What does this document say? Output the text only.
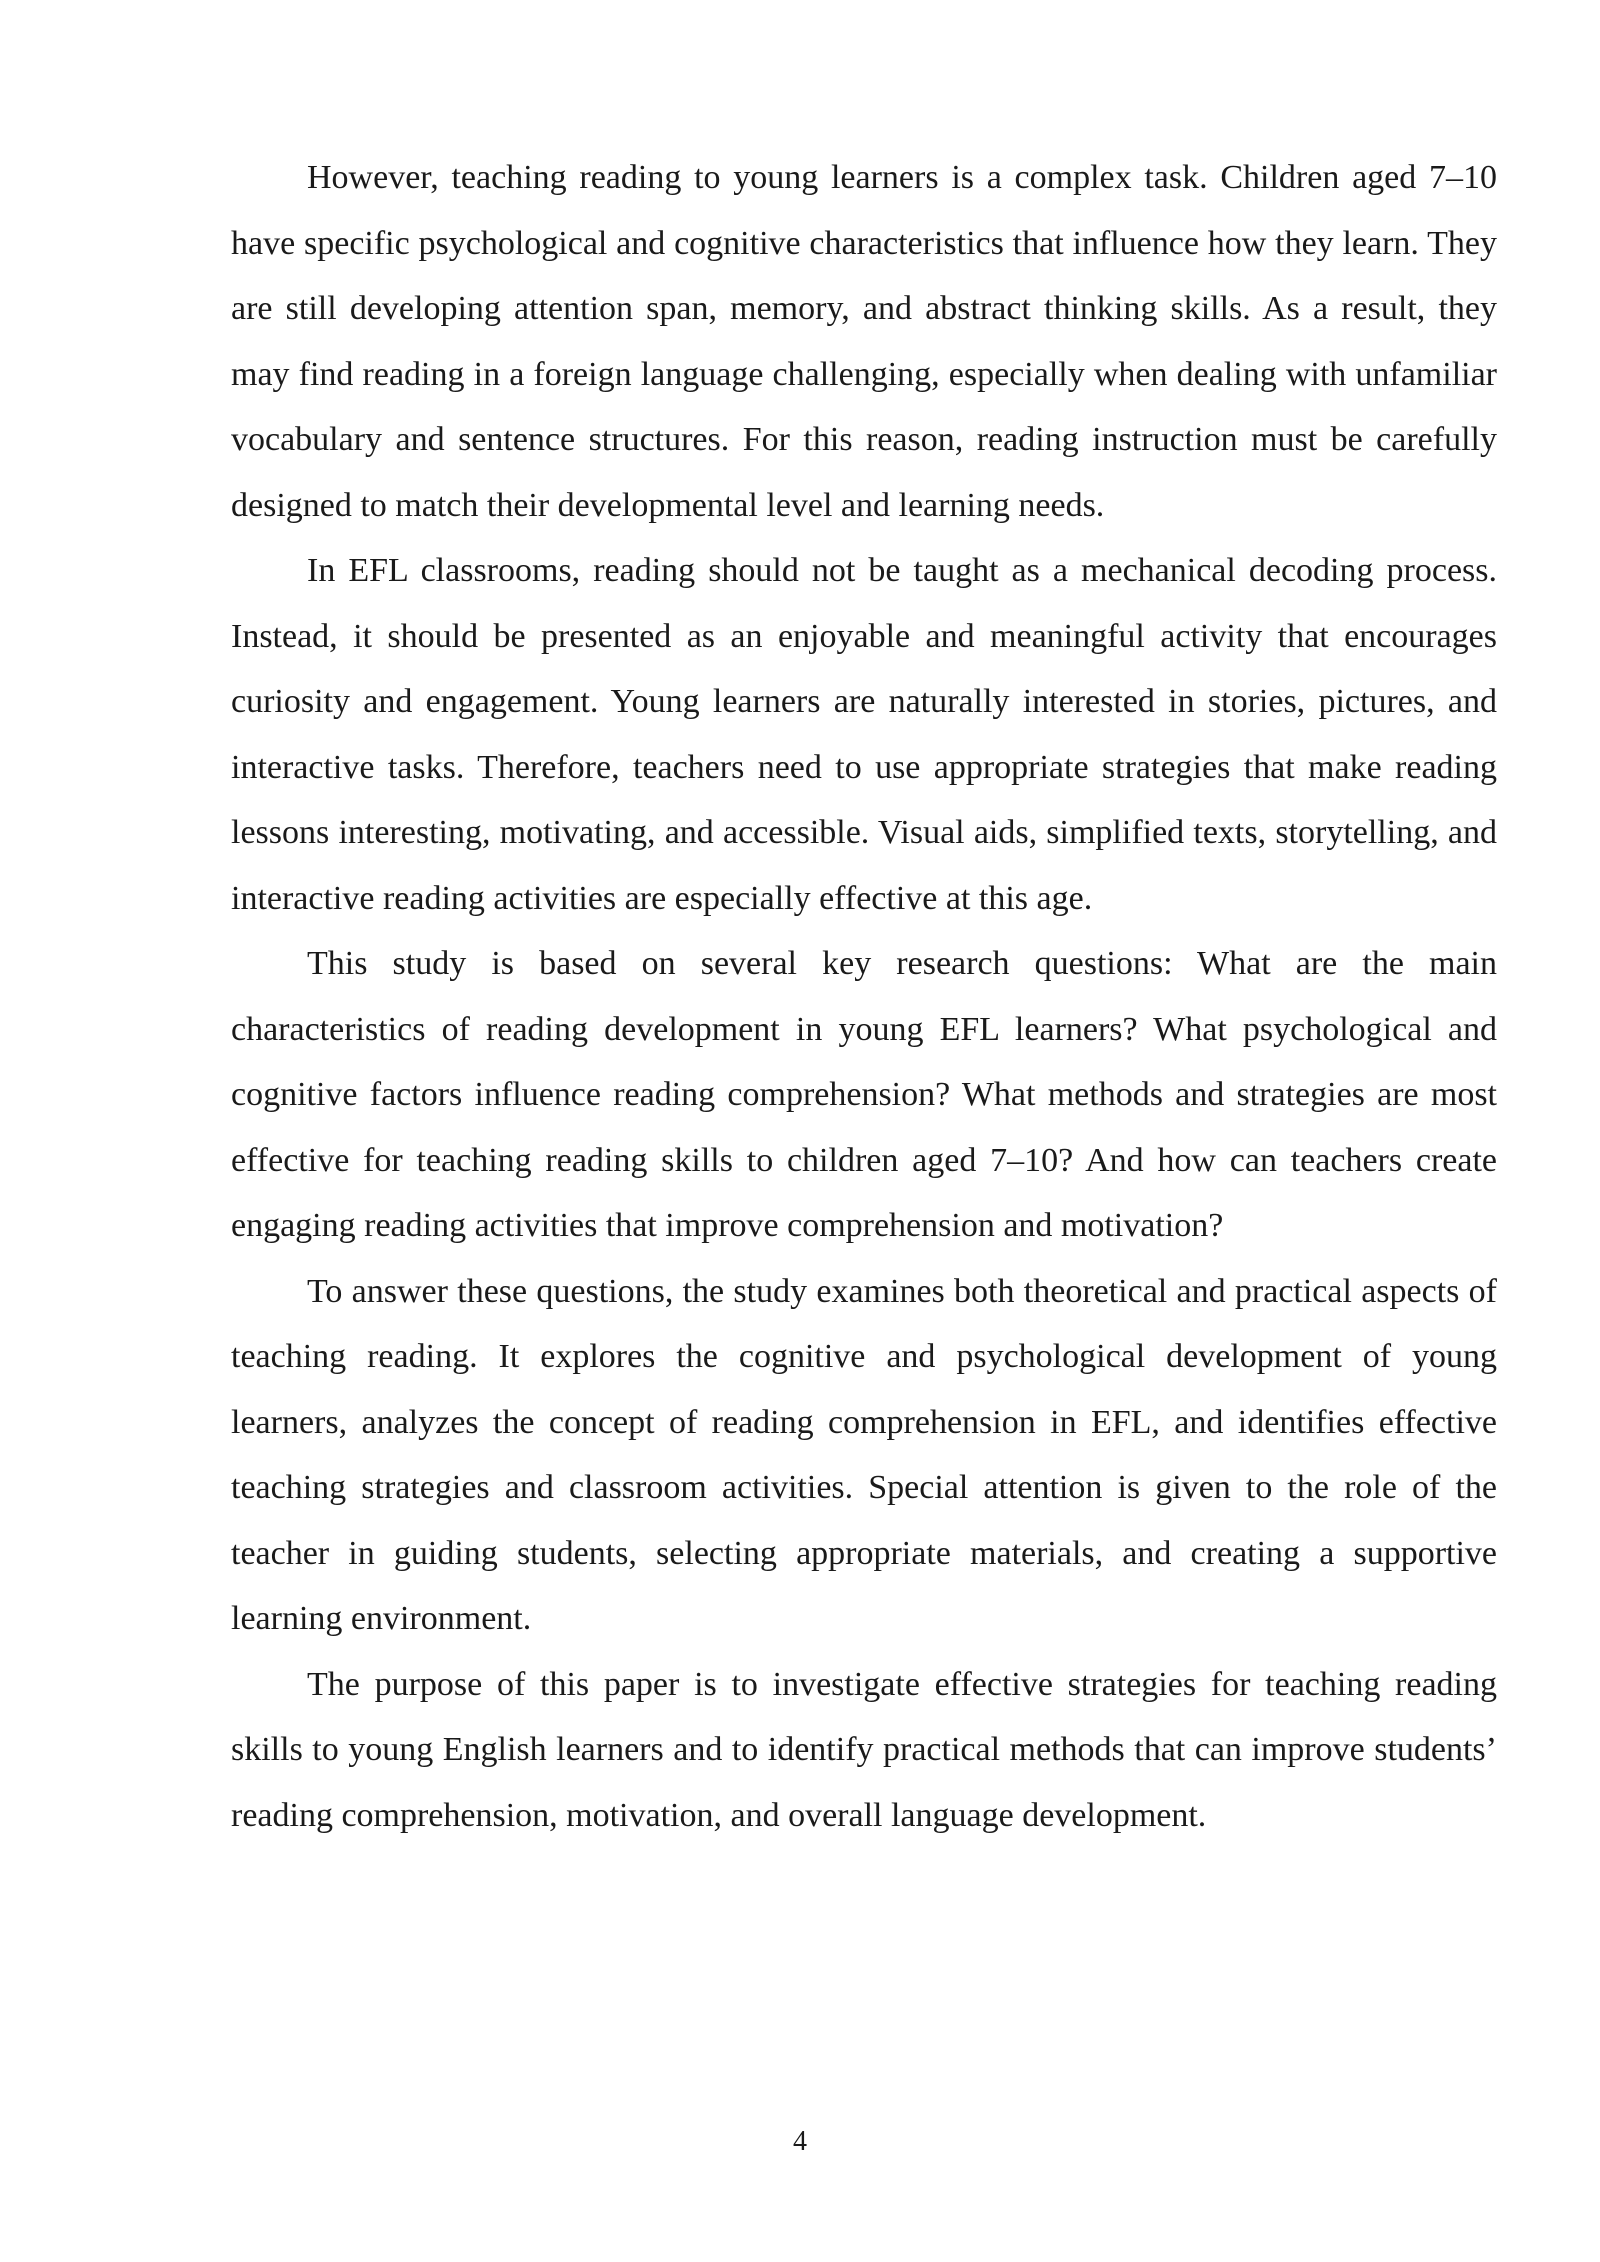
However, teaching reading to young learners is a complex task. Children aged 7–10 have specific psychological and cognitive characteristics that influence how they learn. They are still developing attention span, memory, and abstract thinking skills. As a result, they may find reading in a foreign language challenging, especially when dealing with unfamiliar vocabulary and sentence structures. For this reason, reading instruction must be carefully designed to match their developmental level and learning needs.

In EFL classrooms, reading should not be taught as a mechanical decoding process. Instead, it should be presented as an enjoyable and meaningful activity that encourages curiosity and engagement. Young learners are naturally interested in stories, pictures, and interactive tasks. Therefore, teachers need to use appropriate strategies that make reading lessons interesting, motivating, and accessible. Visual aids, simplified texts, storytelling, and interactive reading activities are especially effective at this age.

This study is based on several key research questions: What are the main characteristics of reading development in young EFL learners? What psychological and cognitive factors influence reading comprehension? What methods and strategies are most effective for teaching reading skills to children aged 7–10? And how can teachers create engaging reading activities that improve comprehension and motivation?

To answer these questions, the study examines both theoretical and practical aspects of teaching reading. It explores the cognitive and psychological development of young learners, analyzes the concept of reading comprehension in EFL, and identifies effective teaching strategies and classroom activities. Special attention is given to the role of the teacher in guiding students, selecting appropriate materials, and creating a supportive learning environment.

The purpose of this paper is to investigate effective strategies for teaching reading skills to young English learners and to identify practical methods that can improve students’ reading comprehension, motivation, and overall language development.

4
